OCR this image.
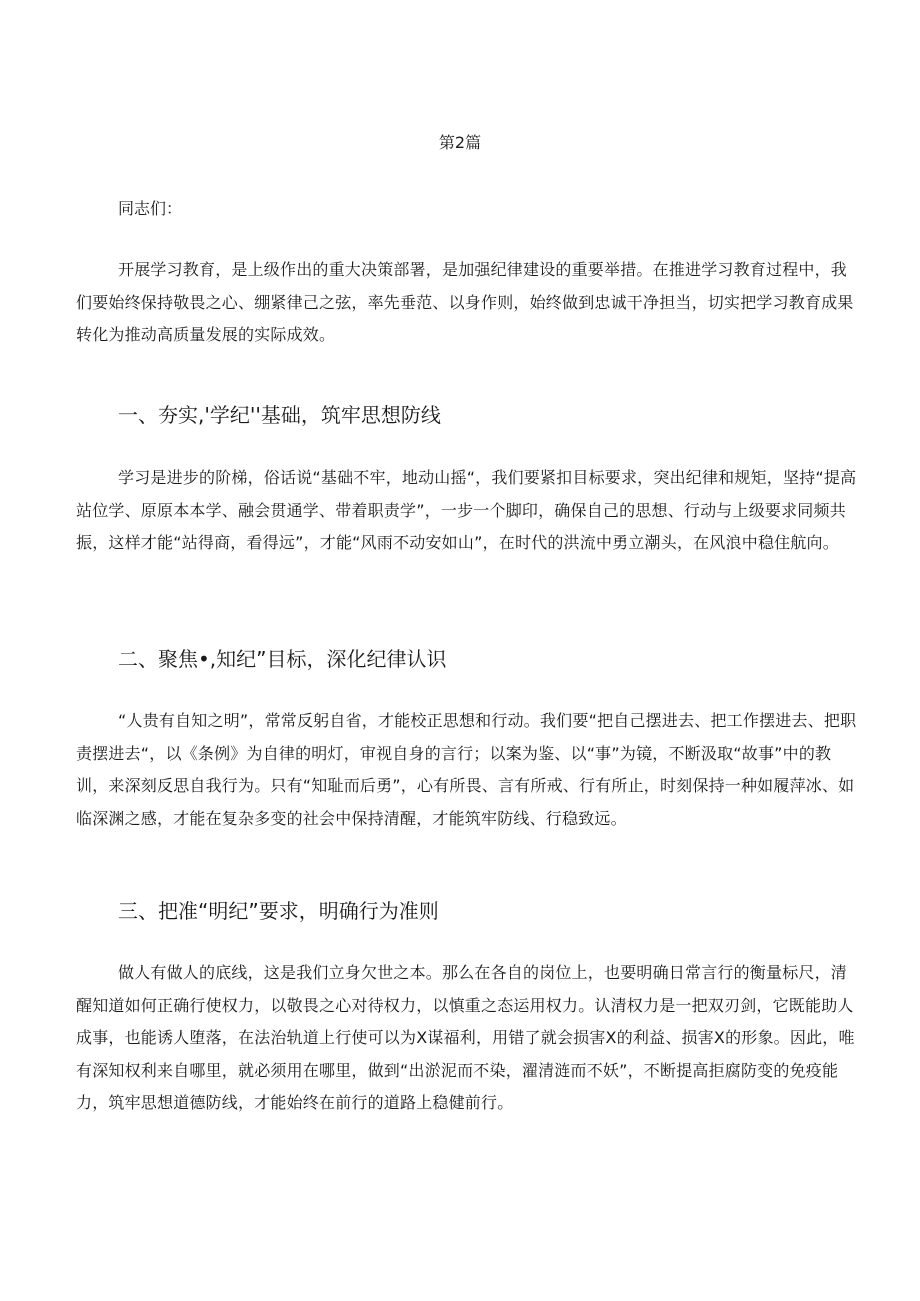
第2篇
同志们：

开展学习教育，是上级作出的重大决策部署，是加强纪律建设的重要举措。在推进学习教育过程中，我们要始终保持敬畏之心、绷紧律己之弦，率先垂范、以身作则，始终做到忠诚干净担当，切实把学习教育成果转化为推动高质量发展的实际成效。

一、夯实,'学纪''基础，筑牢思想防线

学习是进步的阶梯，俗话说“基础不牢，地动山摇“，我们要紧扣目标要求，突出纪律和规矩，坚持“提高站位学、原原本本学、融会贯通学、带着职责学”，一步一个脚印，确保自己的思想、行动与上级要求同频共振，这样才能“站得商，看得远”，才能“风雨不动安如山”，在时代的洪流中勇立潮头，在风浪中稳住航向。

二、聚焦•,知纪”目标，深化纪律认识

“人贵有自知之明”，常常反躬自省，才能校正思想和行动。我们要“把自己摆进去、把工作摆进去、把职责摆进去“，以《条例》为自律的明灯，审视自身的言行；以案为鉴、以“事”为镜，不断汲取“故事”中的教训，来深刻反思自我行为。只有“知耻而后勇”，心有所畏、言有所戒、行有所止，时刻保持一种如履萍冰、如临深渊之感，才能在复杂多变的社会中保持清醒，才能筑牢防线、行稳致远。

三、把准“明纪”要求，明确行为准则

做人有做人的底线，这是我们立身欠世之本。那么在各自的岗位上，也要明确日常言行的衡量标尺，清醒知道如何正确行使权力，以敬畏之心对待权力，以慎重之态运用权力。认清权力是一把双刃剑，它既能助人成事，也能诱人堕落，在法治轨道上行使可以为X谋福利，用错了就会损害X的利益、损害X的形象。因此，唯有深知权利来自哪里，就必须用在哪里，做到“出淤泥而不染，濯清涟而不妖”，不断提高拒腐防变的免疫能力，筑牢思想道德防线，才能始终在前行的道路上稳健前行。
